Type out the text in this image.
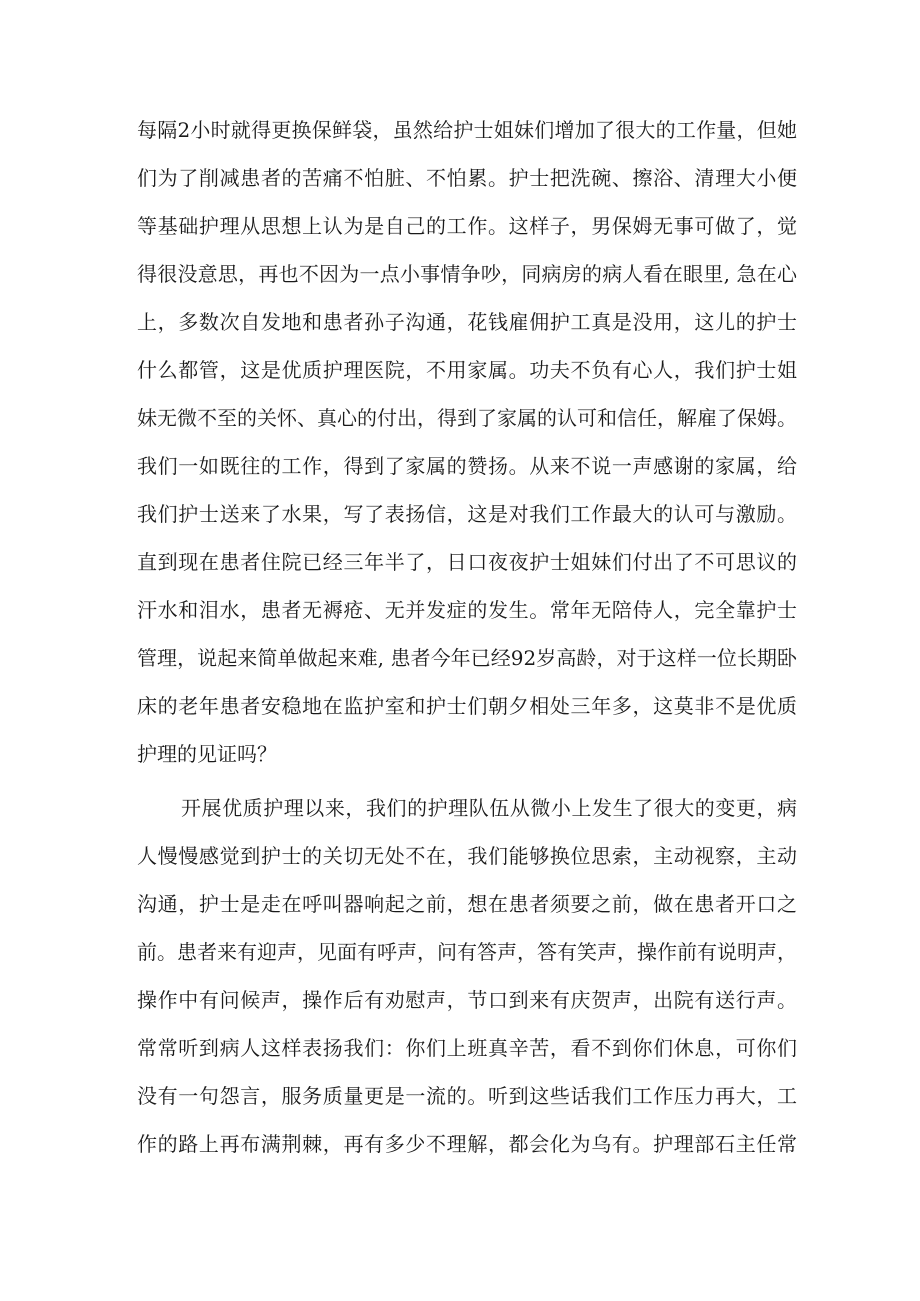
每隔2小时就得更换保鲜袋，虽然给护士姐妹们增加了很大的工作量，但她
们为了削减患者的苦痛不怕脏、不怕累。护士把洗碗、擦浴、清理大小便
等基础护理从思想上认为是自己的工作。这样子，男保姆无事可做了，觉
得很没意思，再也不因为一点小事情争吵，同病房的病人看在眼里, 急在心
上，多数次自发地和患者孙子沟通，花钱雇佣护工真是没用，这儿的护士
什么都管，这是优质护理医院，不用家属。功夫不负有心人，我们护士姐
妹无微不至的关怀、真心的付出，得到了家属的认可和信任，解雇了保姆。
我们一如既往的工作，得到了家属的赞扬。从来不说一声感谢的家属，给
我们护士送来了水果，写了表扬信，这是对我们工作最大的认可与激励。
直到现在患者住院已经三年半了，日口夜夜护士姐妹们付出了不可思议的
汗水和泪水，患者无褥疮、无并发症的发生。常年无陪侍人，完全靠护士
管理，说起来简单做起来难, 患者今年已经92岁高龄，对于这样一位长期卧
床的老年患者安稳地在监护室和护士们朝夕相处三年多，这莫非不是优质
护理的见证吗？
开展优质护理以来，我们的护理队伍从微小上发生了很大的变更，病
人慢慢感觉到护士的关切无处不在，我们能够换位思索，主动视察，主动
沟通，护士是走在呼叫器响起之前，想在患者须要之前，做在患者开口之
前。患者来有迎声，见面有呼声，问有答声，答有笑声，操作前有说明声，
操作中有问候声，操作后有劝慰声，节口到来有庆贺声，出院有送行声。
常常听到病人这样表扬我们：你们上班真辛苦，看不到你们休息，可你们
没有一句怨言，服务质量更是一流的。听到这些话我们工作压力再大，工
作的路上再布满荆棘，再有多少不理解，都会化为乌有。护理部石主任常
